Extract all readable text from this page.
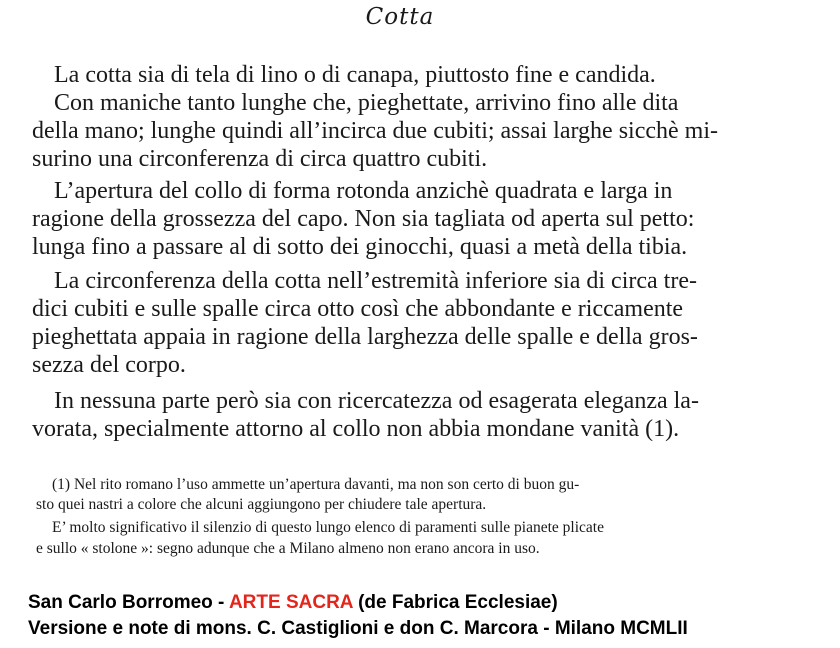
Cotta
La cotta sia di tela di lino o di canapa, piuttosto fine e candida.
Con maniche tanto lunghe che, pieghettate, arrivino fino alle dita
della mano; lunghe quindi all’incirca due cubiti; assai larghe sicchè mi-
surino una circonferenza di circa quattro cubiti.
L’apertura del collo di forma rotonda anzichè quadrata e larga in
ragione della grossezza del capo. Non sia tagliata od aperta sul petto:
lunga fino a passare al di sotto dei ginocchi, quasi a metà della tibia.
La circonferenza della cotta nell’estremità inferiore sia di circa tre-
dici cubiti e sulle spalle circa otto così che abbondante e riccamente
pieghettata appaia in ragione della larghezza delle spalle e della gros-
sezza del corpo.
In nessuna parte però sia con ricercatezza od esagerata eleganza la-
vorata, specialmente attorno al collo non abbia mondane vanità (1).
(1) Nel rito romano l’uso ammette un’apertura davanti, ma non son certo di buon gu-
sto quei nastri a colore che alcuni aggiungono per chiudere tale apertura.
E’ molto significativo il silenzio di questo lungo elenco di paramenti sulle pianete plicate
e sullo « stolone »: segno adunque che a Milano almeno non erano ancora in uso.
San Carlo Borromeo - ARTE SACRA (de Fabrica Ecclesiae)
Versione e note di mons. C. Castiglioni e don C. Marcora - Milano MCMLII
